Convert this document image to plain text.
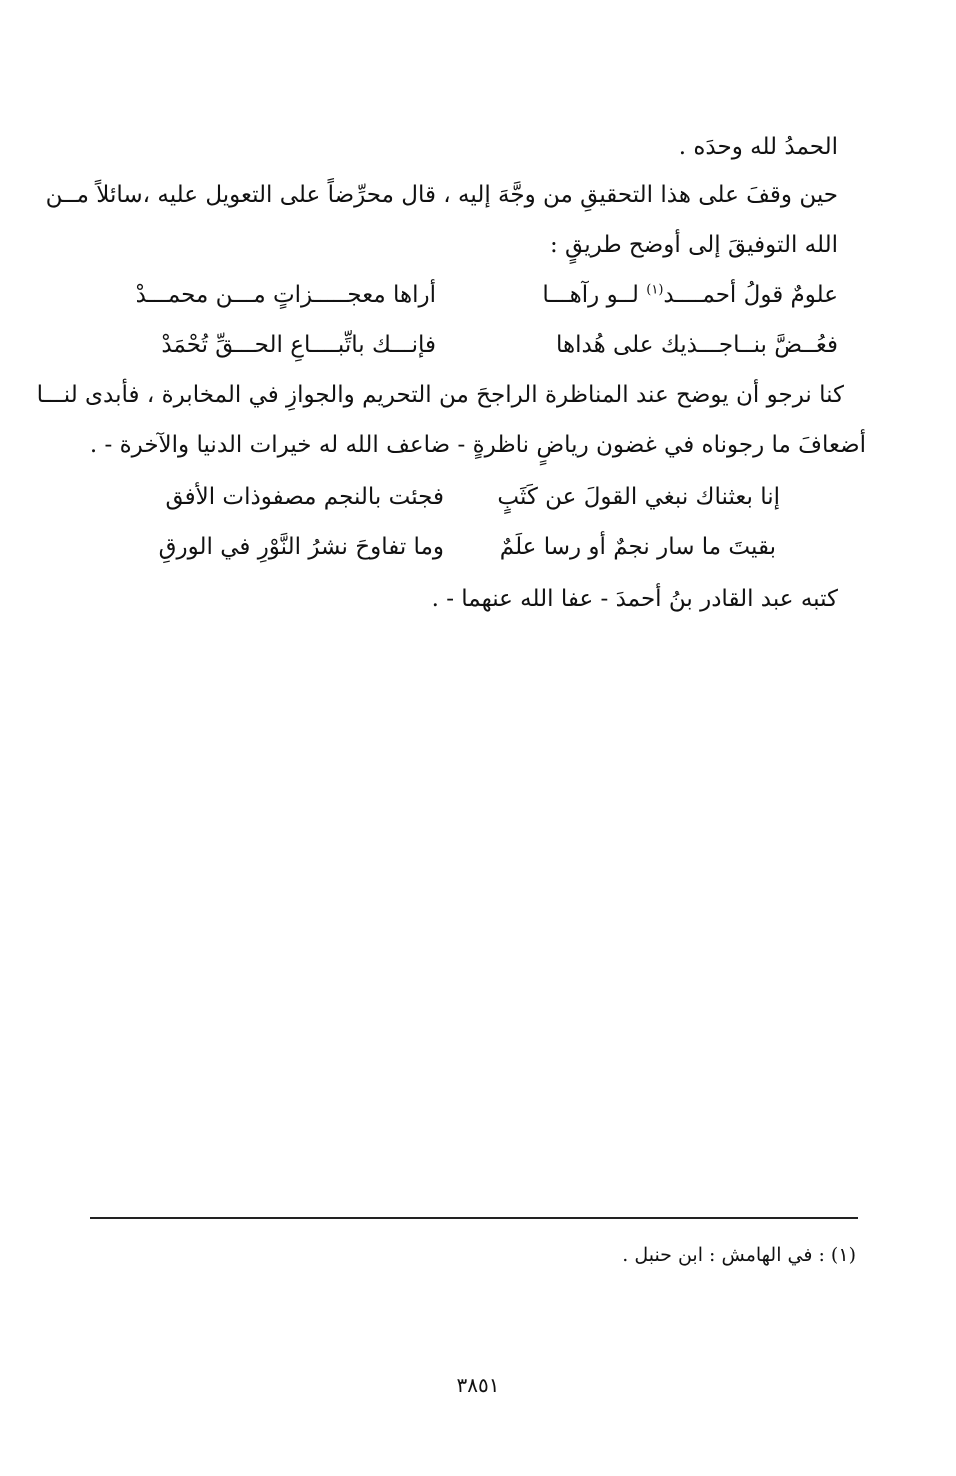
الحمدُ لله وحدَه .
حين وقفَ على هذا التحقيقِ من وجَّهَ إليه ، قال محرِّضاً على التعويل عليه ،سائلاً مــن
الله التوفيقَ إلى أوضح طريقٍ :
علومٌ قولُ أحمــــد$^{(١)}$ لــو رآهـــا
أراها معجـــــزاتٍ مـــن محمـــدْ
فعُــضَّ بنــاجـــذيك على هُداها
فإنـــك باتِّبــــاعِ الحـــقِّ تُحْمَدْ
كنا نرجو أن يوضح عند المناظرة الراجحَ من التحريم والجوازِ في المخابرة ، فأبدى لنـــا
أضعافَ ما رجوناه في غضون رياضٍ ناظرةٍ - ضاعف الله له خيرات الدنيا والآخرة - .
إنا بعثناك نبغي القولَ عن كَثَبٍ
فجئت بالنجم مصفوذات الأفق
بقيتَ ما سار نجمٌ أو رسا علَمٌ
وما تفاوحَ نشرُ النَّوْرِ في الورقِ
كتبه عبد القادر بنُ أحمدَ - عفا الله عنهما - .
(١) : في الهامش : ابن حنبل .
٣٨٥١
